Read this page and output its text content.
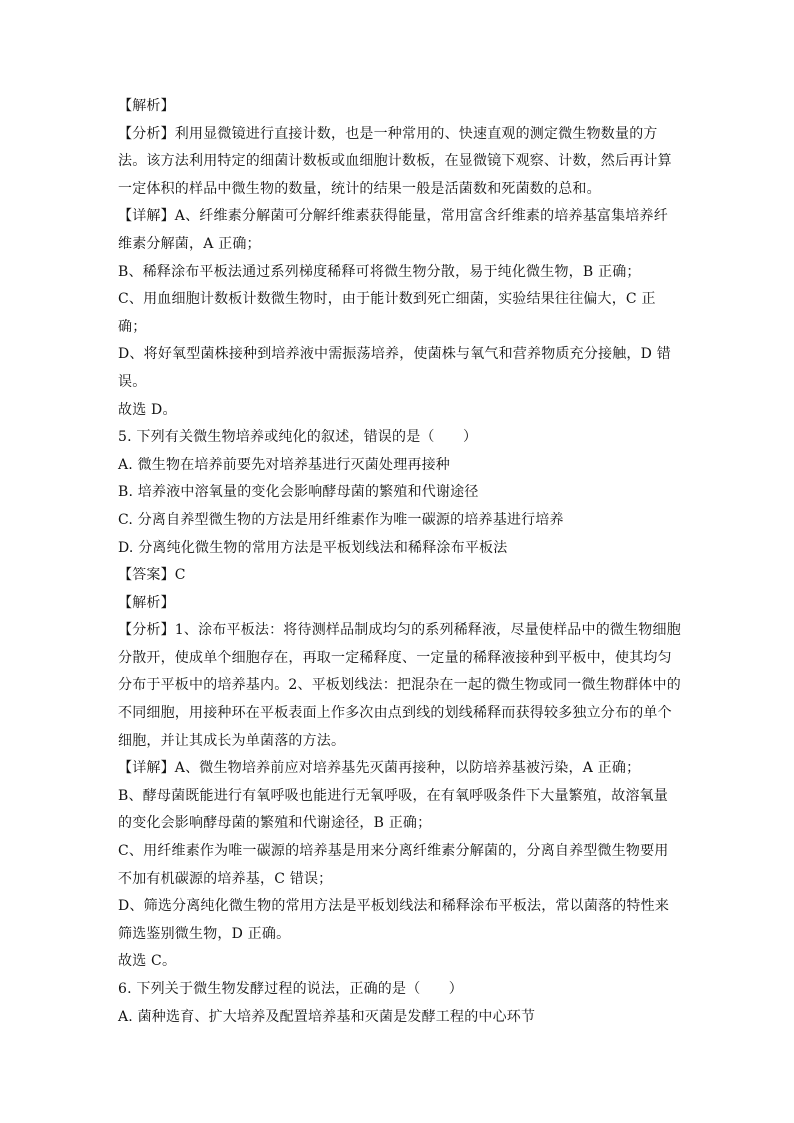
【解析】
【分析】利用显微镜进行直接计数，也是一种常用的、快速直观的测定微生物数量的方
法。该方法利用特定的细菌计数板或血细胞计数板，在显微镜下观察、计数，然后再计算
一定体积的样品中微生物的数量，统计的结果一般是活菌数和死菌数的总和。
【详解】A、纤维素分解菌可分解纤维素获得能量，常用富含纤维素的培养基富集培养纤
维素分解菌，A 正确；
B、稀释涂布平板法通过系列梯度稀释可将微生物分散，易于纯化微生物，B 正确；
C、用血细胞计数板计数微生物时，由于能计数到死亡细菌，实验结果往往偏大，C 正
确；
D、将好氧型菌株接种到培养液中需振荡培养，使菌株与氧气和营养物质充分接触，D 错
误。
故选 D。
5. 下列有关微生物培养或纯化的叙述，错误的是（　　）
A. 微生物在培养前要先对培养基进行灭菌处理再接种
B. 培养液中溶氧量的变化会影响酵母菌的繁殖和代谢途径
C. 分离自养型微生物的方法是用纤维素作为唯一碳源的培养基进行培养
D. 分离纯化微生物的常用方法是平板划线法和稀释涂布平板法
【答案】C
【解析】
【分析】1、涂布平板法：将待测样品制成均匀的系列稀释液，尽量使样品中的微生物细胞
分散开，使成单个细胞存在，再取一定稀释度、一定量的稀释液接种到平板中，使其均匀
分布于平板中的培养基内。2、平板划线法：把混杂在一起的微生物或同一微生物群体中的
不同细胞，用接种环在平板表面上作多次由点到线的划线稀释而获得较多独立分布的单个
细胞，并让其成长为单菌落的方法。
【详解】A、微生物培养前应对培养基先灭菌再接种，以防培养基被污染，A 正确；
B、酵母菌既能进行有氧呼吸也能进行无氧呼吸，在有氧呼吸条件下大量繁殖，故溶氧量
的变化会影响酵母菌的繁殖和代谢途径，B 正确；
C、用纤维素作为唯一碳源的培养基是用来分离纤维素分解菌的，分离自养型微生物要用
不加有机碳源的培养基，C 错误；
D、筛选分离纯化微生物的常用方法是平板划线法和稀释涂布平板法，常以菌落的特性来
筛选鉴别微生物，D 正确。
故选 C。
6. 下列关于微生物发酵过程的说法，正确的是（　　）
A. 菌种选育、扩大培养及配置培养基和灭菌是发酵工程的中心环节
